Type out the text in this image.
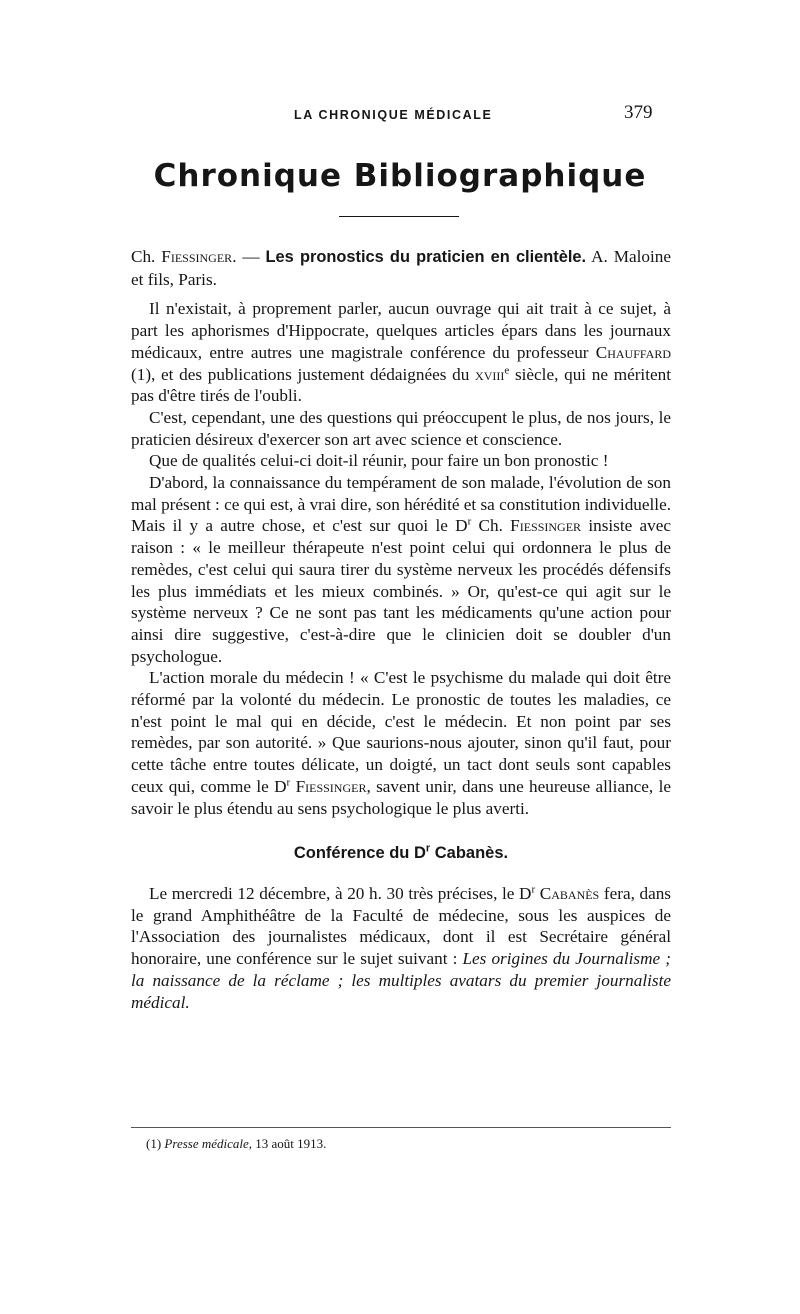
LA CHRONIQUE MÉDICALE	379
Chronique Bibliographique

Ch. Fiessinger. — Les pronostics du praticien en clientèle. A. Maloine et fils, Paris.

Il n'existait, à proprement parler, aucun ouvrage qui ait trait à ce sujet, à part les aphorismes d'Hippocrate, quelques articles épars dans les journaux médicaux, entre autres une magistrale conférence du professeur Chauffard (1), et des publications justement dédaignées du xviii$^e$ siècle, qui ne méritent pas d'être tirés de l'oubli.

C'est, cependant, une des questions qui préoccupent le plus, de nos jours, le praticien désireux d'exercer son art avec science et conscience.

Que de qualités celui-ci doit-il réunir, pour faire un bon pronostic !

D'abord, la connaissance du tempérament de son malade, l'évolution de son mal présent : ce qui est, à vrai dire, son hérédité et sa constitution individuelle. Mais il y a autre chose, et c'est sur quoi le $D^r$ Ch. Fiessinger insiste avec raison : « le meilleur thérapeute n'est point celui qui ordonnera le plus de remèdes, c'est celui qui saura tirer du système nerveux les procédés défensifs les plus immédiats et les mieux combinés. » Or, qu'est-ce qui agit sur le système nerveux ? Ce ne sont pas tant les médicaments qu'une action pour ainsi dire suggestive, c'est-à-dire que le clinicien doit se doubler d'un psychologue.

L'action morale du médecin ! « C'est le psychisme du malade qui doit être réformé par la volonté du médecin. Le pronostic de toutes les maladies, ce n'est point le mal qui en décide, c'est le médecin. Et non point par ses remèdes, par son autorité. » Que saurions-nous ajouter, sinon qu'il faut, pour cette tâche entre toutes délicate, un doigté, un tact dont seuls sont capables ceux qui, comme le $D^r$ Fiessinger, savent unir, dans une heureuse alliance, le savoir le plus étendu au sens psychologique le plus averti.

Conférence du $D^r$ Cabanès.

Le mercredi 12 décembre, à 20 h. 30 très précises, le $D^r$ Cabanès fera, dans le grand Amphithéâtre de la Faculté de médecine, sous les auspices de l'Association des journalistes médicaux, dont il est Secrétaire général honoraire, une conférence sur le sujet suivant : Les origines du Journalisme ; la naissance de la réclame ; les multiples avatars du premier journaliste médical.

(1) Presse médicale, 13 août 1913.
